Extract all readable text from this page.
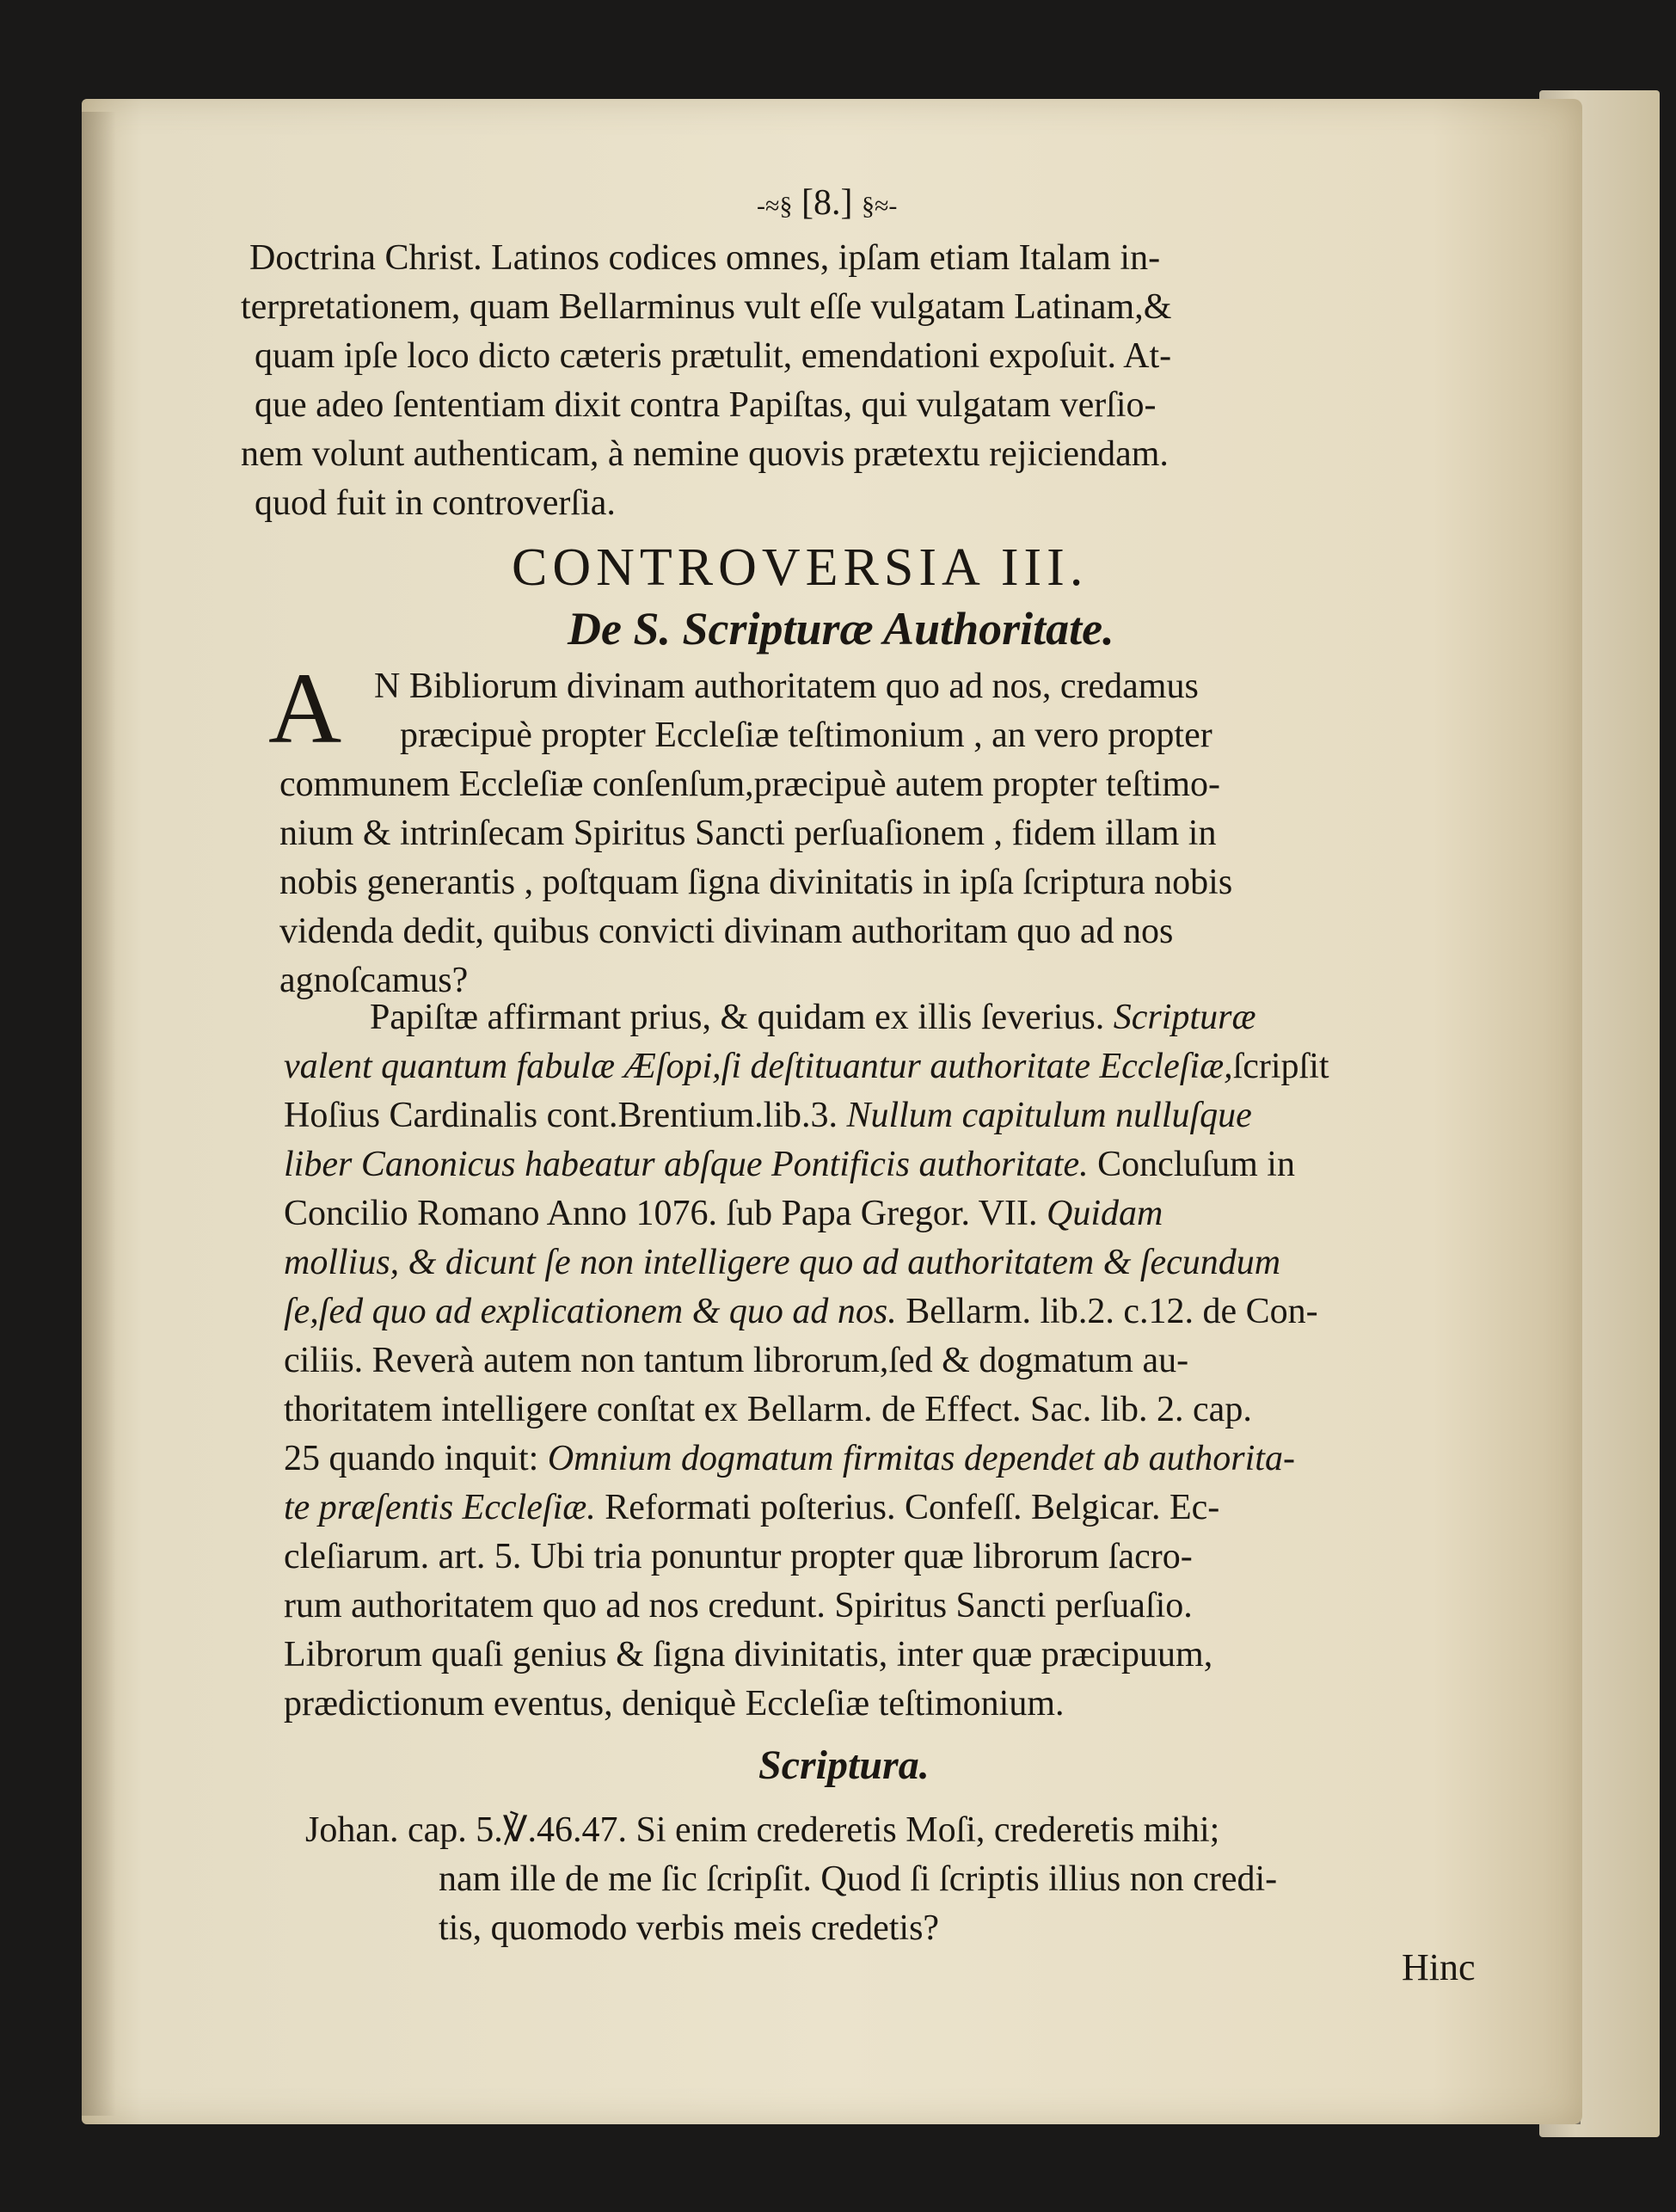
-≈§ [8.] §≈-
Doctrina Christ. Latinos codices omnes, ipſam etiam Italam in-
terpretationem, quam Bellarminus vult eſſe vulgatam Latinam,&
quam ipſe loco dicto cæteris prætulit, emendationi expoſuit. At-
que adeo ſententiam dixit contra Papiſtas, qui vulgatam verſio-
nem volunt authenticam, à nemine quovis prætextu rejiciendam.
quod fuit in controverſia.
CONTROVERSIA III.
De S. Scripturæ Authoritate.
A N Bibliorum divinam authoritatem quo ad nos, credamus
præcipuè propter Eccleſiæ teſtimonium , an vero propter
communem Eccleſiæ conſenſum,præcipuè autem propter teſtimo-
nium & intrinſecam Spiritus Sancti perſuaſionem , fidem illam in
nobis generantis , poſtquam ſigna divinitatis in ipſa ſcriptura nobis
videnda dedit, quibus convicti divinam authoritam quo ad nos
agnoſcamus?
Papiſtæ affirmant prius, & quidam ex illis ſeverius. Scripturæ
valent quantum fabulæ Æſopi,ſi deſtituantur authoritate Eccleſiæ,ſcripſit
Hoſius Cardinalis cont.Brentium.lib.3. Nullum capitulum nulluſque
liber Canonicus habeatur abſque Pontificis authoritate. Concluſum in
Concilio Romano Anno 1076. ſub Papa Gregor. VII. Quidam
mollius, & dicunt ſe non intelligere quo ad authoritatem & ſecundum
ſe,ſed quo ad explicationem & quo ad nos. Bellarm. lib.2. c.12. de Con-
ciliis. Reverà autem non tantum librorum,ſed & dogmatum au-
thoritatem intelligere conſtat ex Bellarm. de Effect. Sac. lib. 2. cap.
25 quando inquit: Omnium dogmatum firmitas dependet ab authorita-
te præſentis Eccleſiæ. Reformati poſterius. Confeſſ. Belgicar. Ec-
cleſiarum. art. 5. Ubi tria ponuntur propter quæ librorum ſacro-
rum authoritatem quo ad nos credunt. Spiritus Sancti perſuaſio.
Librorum quaſi genius & ſigna divinitatis, inter quæ præcipuum,
prædictionum eventus, deniquè Eccleſiæ teſtimonium.
Scriptura.
Johan. cap. 5.℣.46.47. Si enim crederetis Moſi, crederetis mihi;
nam ille de me ſic ſcripſit. Quod ſi ſcriptis illius non credi-
tis, quomodo verbis meis credetis?
Hinc
